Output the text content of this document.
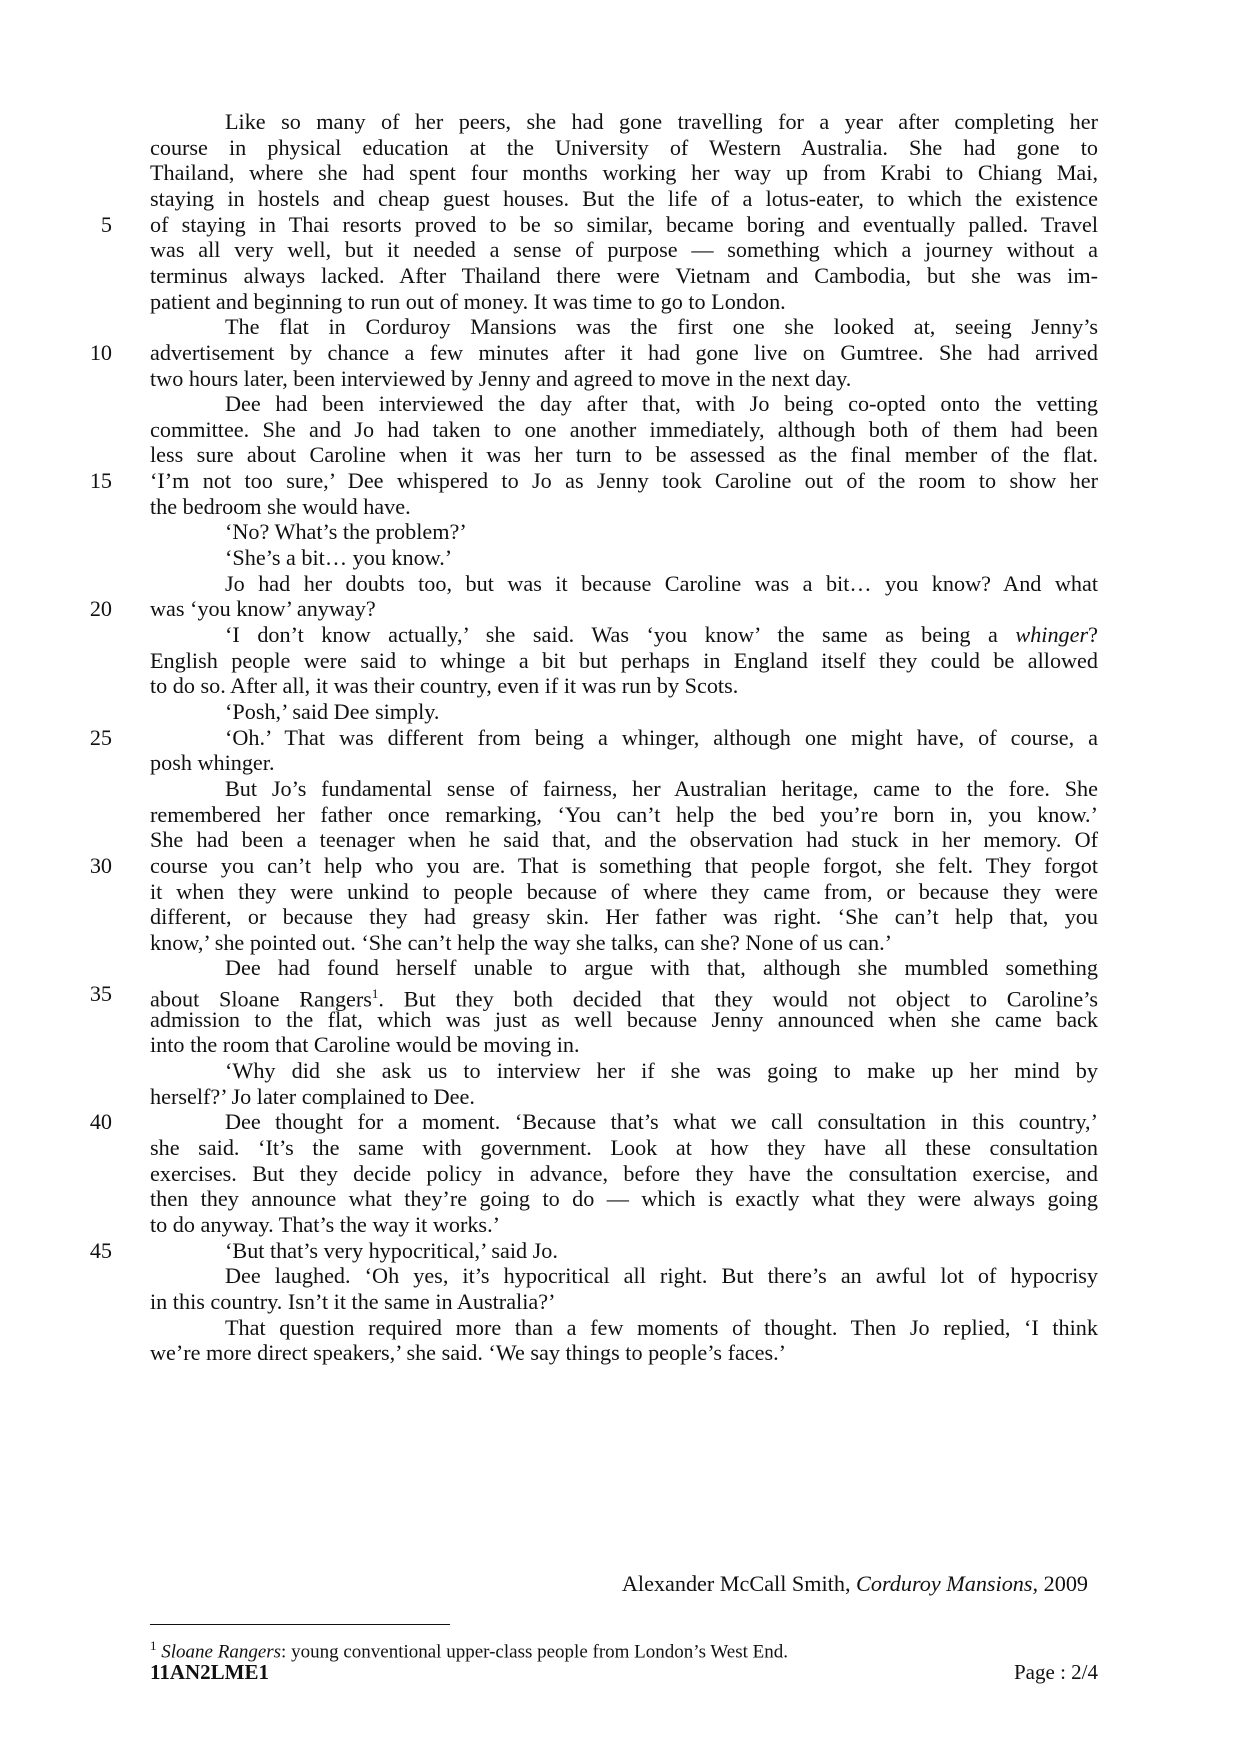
Like so many of her peers, she had gone travelling for a year after completing her
course in physical education at the University of Western Australia. She had gone to
Thailand, where she had spent four months working her way up from Krabi to Chiang Mai,
staying in hostels and cheap guest houses. But the life of a lotus-eater, to which the existence
of staying in Thai resorts proved to be so similar, became boring and eventually palled. Travel
was all very well, but it needed a sense of purpose — something which a journey without a
terminus always lacked. After Thailand there were Vietnam and Cambodia, but she was im-
patient and beginning to run out of money. It was time to go to London.
The flat in Corduroy Mansions was the first one she looked at, seeing Jenny’s
advertisement by chance a few minutes after it had gone live on Gumtree. She had arrived
two hours later, been interviewed by Jenny and agreed to move in the next day.
Dee had been interviewed the day after that, with Jo being co-opted onto the vetting
committee. She and Jo had taken to one another immediately, although both of them had been
less sure about Caroline when it was her turn to be assessed as the final member of the flat.
‘I’m not too sure,’ Dee whispered to Jo as Jenny took Caroline out of the room to show her
the bedroom she would have.
‘No? What’s the problem?’
‘She’s a bit… you know.’
Jo had her doubts too, but was it because Caroline was a bit… you know? And what
was ‘you know’ anyway?
‘I don’t know actually,’ she said. Was ‘you know’ the same as being a whinger?
English people were said to whinge a bit but perhaps in England itself they could be allowed
to do so. After all, it was their country, even if it was run by Scots.
‘Posh,’ said Dee simply.
‘Oh.’ That was different from being a whinger, although one might have, of course, a
posh whinger.
But Jo’s fundamental sense of fairness, her Australian heritage, came to the fore. She
remembered her father once remarking, ‘You can’t help the bed you’re born in, you know.’
She had been a teenager when he said that, and the observation had stuck in her memory. Of
course you can’t help who you are. That is something that people forgot, she felt. They forgot
it when they were unkind to people because of where they came from, or because they were
different, or because they had greasy skin. Her father was right. ‘She can’t help that, you
know,’ she pointed out. ‘She can’t help the way she talks, can she? None of us can.’
Dee had found herself unable to argue with that, although she mumbled something
about Sloane Rangers$^1$. But they both decided that they would not object to Caroline’s
admission to the flat, which was just as well because Jenny announced when she came back
into the room that Caroline would be moving in.
‘Why did she ask us to interview her if she was going to make up her mind by
herself?’ Jo later complained to Dee.
Dee thought for a moment. ‘Because that’s what we call consultation in this country,’
she said. ‘It’s the same with government. Look at how they have all these consultation
exercises. But they decide policy in advance, before they have the consultation exercise, and
then they announce what they’re going to do — which is exactly what they were always going
to do anyway. That’s the way it works.’
‘But that’s very hypocritical,’ said Jo.
Dee laughed. ‘Oh yes, it’s hypocritical all right. But there’s an awful lot of hypocrisy
in this country. Isn’t it the same in Australia?’
That question required more than a few moments of thought. Then Jo replied, ‘I think
we’re more direct speakers,’ she said. ‘We say things to people’s faces.’
5
10
15
20
25
30
35
40
45
Alexander McCall Smith, Corduroy Mansions, 2009
$^1$ Sloane Rangers: young conventional upper-class people from London’s West End.
11AN2LME1	Page : 2/4
